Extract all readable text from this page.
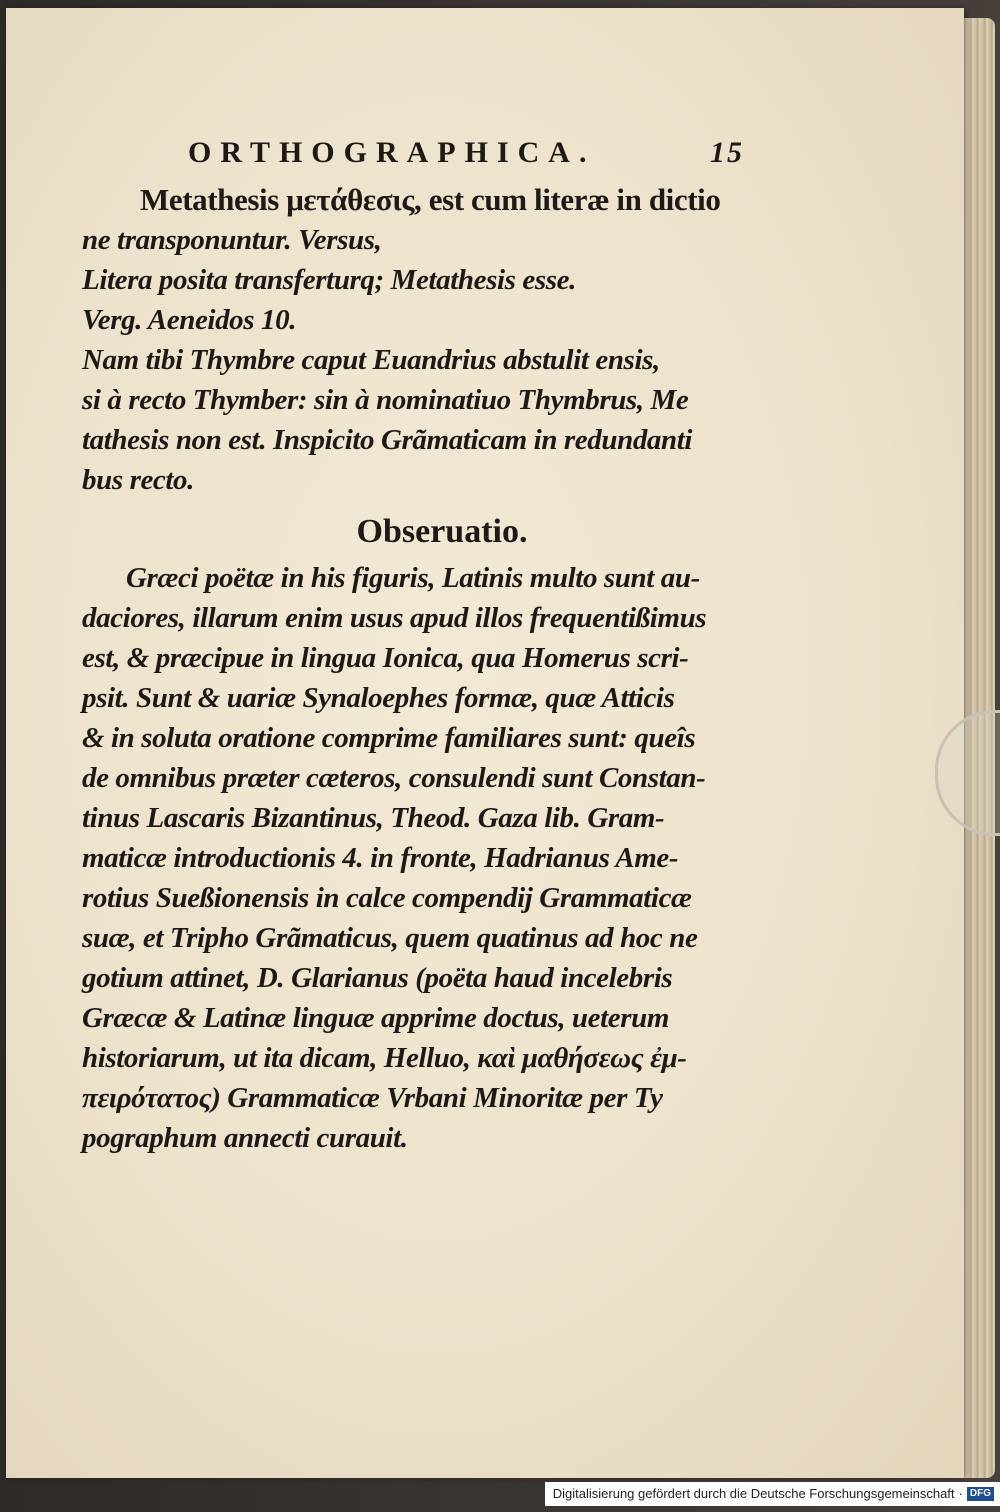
ORTHOGRAPHICA.	15
Metathesis μετάθεσις, est cum literæ in dictio
ne transponuntur. Versus,
Litera posita transferturq; Metathesis esse.
Verg. Aeneidos 10.
Nam tibi Thymbre caput Euandrius abstulit ensis,
si à recto Thymber: sin à nominatiuo Thymbrus, Me
tathesis non est. Inspicito Grãmaticam in redundanti
bus recto.
Obseruatio.
Græci poëtæ in his figuris, Latinis multo sunt au-
daciores, illarum enim usus apud illos frequentißimus
est, & præcipue in lingua Ionica, qua Homerus scri-
psit. Sunt & uariæ Synaloephes formæ, quæ Atticis
& in soluta oratione comprime familiares sunt: queîs
de omnibus præter cæteros, consulendi sunt Constan-
tinus Lascaris Bizantinus, Theod. Gaza lib. Gram-
maticæ introductionis 4. in fronte, Hadrianus Ame-
rotius Sueßionensis in calce compendij Grammaticæ
suæ, et Tripho Grãmaticus, quem quatinus ad hoc ne
gotium attinet, D. Glarianus (poëta haud incelebris
Græcæ & Latinæ linguæ apprime doctus, ueterum
historiarum, ut ita dicam, Helluo, καὶ μαθήσεως ἐμ-
πειρότατος) Grammaticæ Vrbani Minoritæ per Ty
pographum annecti curauit.
Digitalisierung gefördert durch die Deutsche Forschungsgemeinschaft · DFG
